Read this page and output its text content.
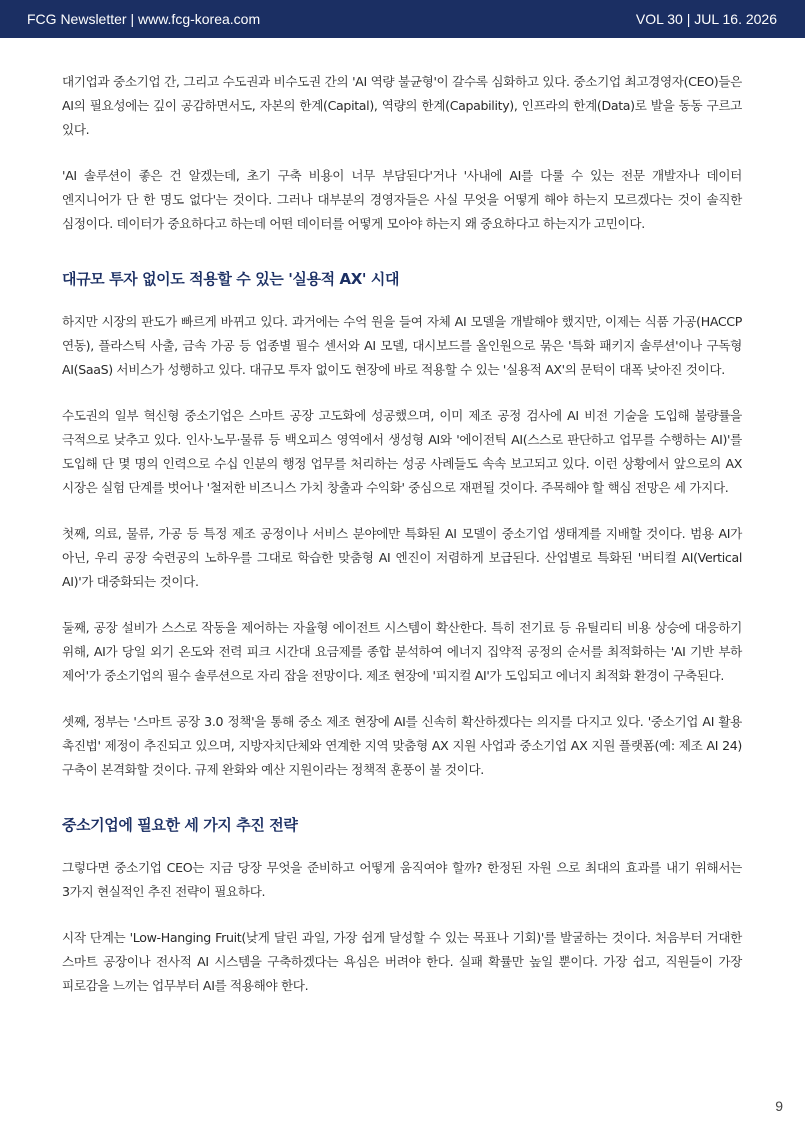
FCG Newsletter | www.fcg-korea.com	VOL 30 | JUL 16. 2026

대기업과 중소기업 간, 그리고 수도권과 비수도권 간의 'AI 역량 불균형'이 갈수록 심화하고 있다. 중소기업 최고경영자(CEO)들은 AI의 필요성에는 깊이 공감하면서도, 자본의 한계(Capital), 역량의 한계(Capability), 인프라의 한계(Data)로 발을 동동 구르고 있다.

'AI 솔루션이 좋은 건 알겠는데, 초기 구축 비용이 너무 부담된다'거나 '사내에 AI를 다룰 수 있는 전문 개발자나 데이터 엔지니어가 단 한 명도 없다'는 것이다. 그러나 대부분의 경영자들은 사실 무엇을 어떻게 해야 하는지 모르겠다는 것이 솔직한 심정이다. 데이터가 중요하다고 하는데 어떤 데이터를 어떻게 모아야 하는지 왜 중요하다고 하는지가 고민이다.

대규모 투자 없이도 적용할 수 있는 '실용적 AX' 시대

하지만 시장의 판도가 빠르게 바뀌고 있다. 과거에는 수억 원을 들여 자체 AI 모델을 개발해야 했지만, 이제는 식품 가공(HACCP 연동), 플라스틱 사출, 금속 가공 등 업종별 필수 센서와 AI 모델, 대시보드를 올인원으로 묶은 '특화 패키지 솔루션'이나 구독형 AI(SaaS) 서비스가 성행하고 있다. 대규모 투자 없이도 현장에 바로 적용할 수 있는 '실용적 AX'의 문턱이 대폭 낮아진 것이다.

수도권의 일부 혁신형 중소기업은 스마트 공장 고도화에 성공했으며, 이미 제조 공정 검사에 AI 비전 기술을 도입해 불량률을 극적으로 낮추고 있다. 인사·노무·물류 등 백오피스 영역에서 생성형 AI와 '에이전틱 AI(스스로 판단하고 업무를 수행하는 AI)'를 도입해 단 몇 명의 인력으로 수십 인분의 행정 업무를 처리하는 성공 사례들도 속속 보고되고 있다. 이런 상황에서 앞으로의 AX 시장은 실험 단계를 벗어나 '철저한 비즈니스 가치 창출과 수익화' 중심으로 재편될 것이다. 주목해야 할 핵심 전망은 세 가지다.

첫째, 의료, 물류, 가공 등 특정 제조 공정이나 서비스 분야에만 특화된 AI 모델이 중소기업 생태계를 지배할 것이다. 범용 AI가 아닌, 우리 공장 숙련공의 노하우를 그대로 학습한 맞춤형 AI 엔진이 저렴하게 보급된다. 산업별로 특화된 '버티컬 AI(Vertical AI)'가 대중화되는 것이다.

둘째, 공장 설비가 스스로 작동을 제어하는 자율형 에이전트 시스템이 확산한다. 특히 전기료 등 유틸리티 비용 상승에 대응하기 위해, AI가 당일 외기 온도와 전력 피크 시간대 요금제를 종합 분석하여 에너지 집약적 공정의 순서를 최적화하는 'AI 기반 부하 제어'가 중소기업의 필수 솔루션으로 자리 잡을 전망이다. 제조 현장에 '피지컬 AI'가 도입되고 에너지 최적화 환경이 구축된다.

셋째, 정부는 '스마트 공장 3.0 정책'을 통해 중소 제조 현장에 AI를 신속히 확산하겠다는 의지를 다지고 있다. '중소기업 AI 활용 촉진법' 제정이 추진되고 있으며, 지방자치단체와 연계한 지역 맞춤형 AX 지원 사업과 중소기업 AX 지원 플랫폼(예: 제조 AI 24) 구축이 본격화할 것이다. 규제 완화와 예산 지원이라는 정책적 훈풍이 불 것이다.

중소기업에 필요한 세 가지 추진 전략

그렇다면 중소기업 CEO는 지금 당장 무엇을 준비하고 어떻게 움직여야 할까? 한정된 자원 으로 최대의 효과를 내기 위해서는 3가지 현실적인 추진 전략이 필요하다.

시작 단계는 'Low-Hanging Fruit(낮게 달린 과일, 가장 쉽게 달성할 수 있는 목표나 기회)'를 발굴하는 것이다. 처음부터 거대한 스마트 공장이나 전사적 AI 시스템을 구축하겠다는 욕심은 버려야 한다. 실패 확률만 높일 뿐이다. 가장 쉽고, 직원들이 가장 피로감을 느끼는 업무부터 AI를 적용해야 한다.

9
